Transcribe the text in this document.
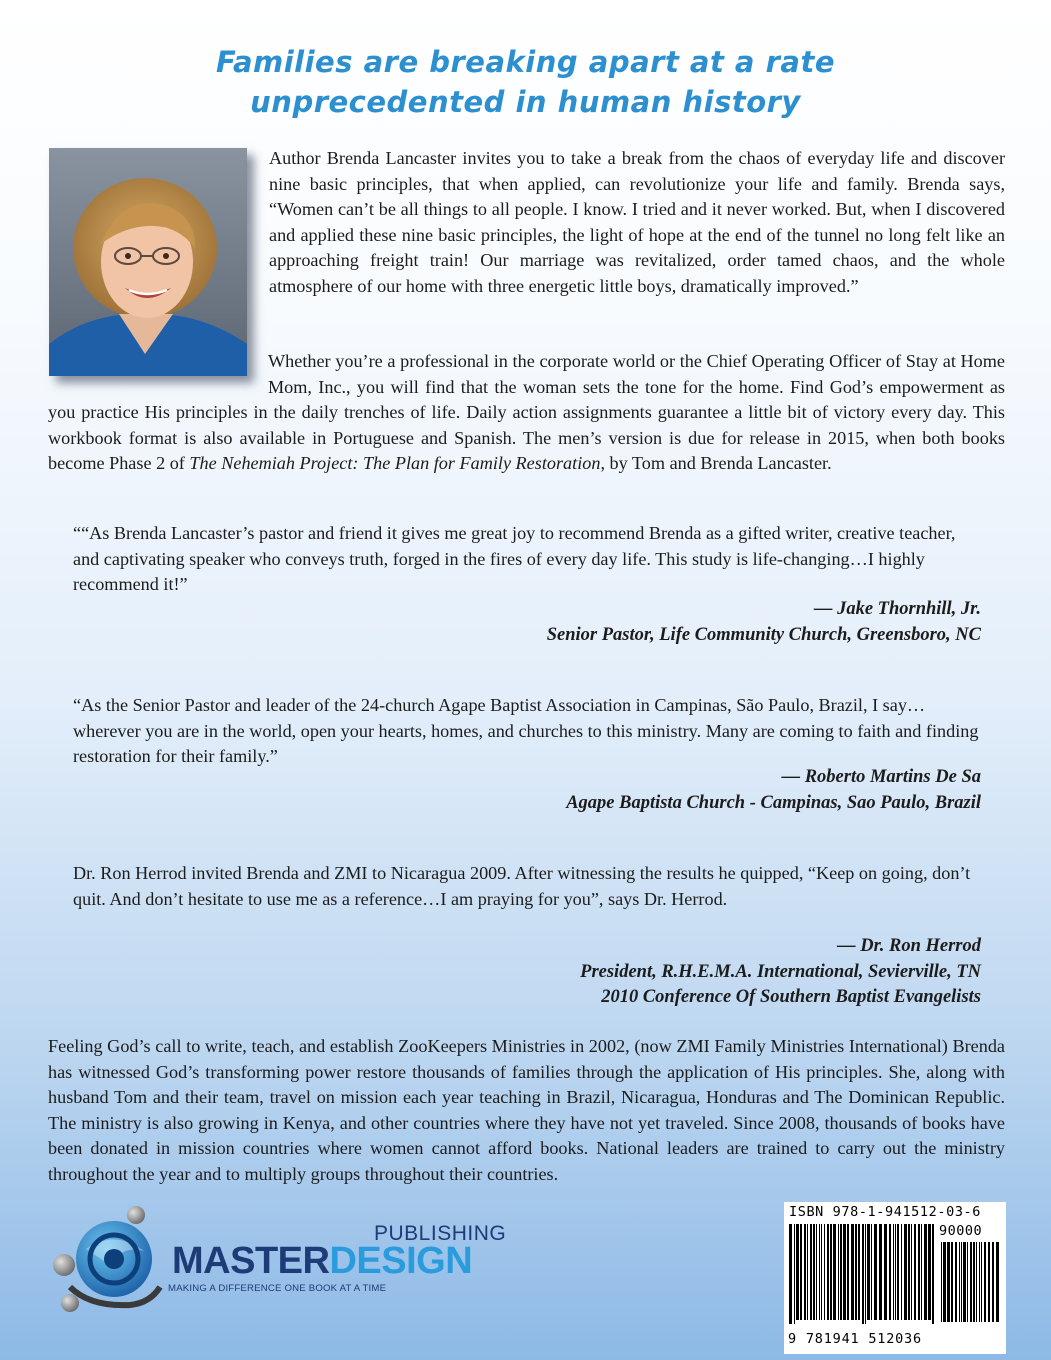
Families are breaking apart at a rate
unprecedented in human history

Author Brenda Lancaster invites you to take a break from the chaos of everyday life and discover nine basic principles, that when applied, can revolutionize your life and family. Brenda says, “Women can’t be all things to all people. I know. I tried and it never worked. But, when I discovered and applied these nine basic principles, the light of hope at the end of the tunnel no long felt like an approaching freight train! Our marriage was revitalized, order tamed chaos, and the whole atmosphere of our home with three energetic little boys, dramatically improved.”

Whether you’re a professional in the corporate world or the Chief Operating Officer of Stay at Home Mom, Inc., you will find that the woman sets the tone for the home. Find God’s empowerment as you practice His principles in the daily trenches of life. Daily action assignments guarantee a little bit of victory every day. This workbook format is also available in Portuguese and Spanish. The men’s version is due for release in 2015, when both books become Phase 2 of The Nehemiah Project: The Plan for Family Restoration, by Tom and Brenda Lancaster.

““As Brenda Lancaster’s pastor and friend it gives me great joy to recommend Brenda as a gifted writer, creative teacher, and captivating speaker who conveys truth, forged in the fires of every day life. This study is life-changing…I highly recommend it!”

— Jake Thornhill, Jr.
Senior Pastor, Life Community Church, Greensboro, NC

“As the Senior Pastor and leader of the 24-church Agape Baptist Association in Campinas, São Paulo, Brazil, I say…wherever you are in the world, open your hearts, homes, and churches to this ministry. Many are coming to faith and finding restoration for their family.”

— Roberto Martins De Sa
Agape Baptista Church - Campinas, Sao Paulo, Brazil

Dr. Ron Herrod invited Brenda and ZMI to Nicaragua 2009. After witnessing the results he quipped, “Keep on going, don’t quit. And don’t hesitate to use me as a reference…I am praying for you”, says Dr. Herrod.

— Dr. Ron Herrod
President, R.H.E.M.A. International, Sevierville, TN
2010 Conference Of Southern Baptist Evangelists

Feeling God’s call to write, teach, and establish ZooKeepers Ministries in 2002, (now ZMI Family Ministries International) Brenda has witnessed God’s transforming power restore thousands of families through the application of His principles. She, along with husband Tom and their team, travel on mission each year teaching in Brazil, Nicaragua, Honduras and The Dominican Republic. The ministry is also growing in Kenya, and other countries where they have not yet traveled. Since 2008, thousands of books have been donated in mission countries where women cannot afford books. National leaders are trained to carry out the ministry throughout the year and to multiply groups throughout their countries.

PUBLISHING
MASTERDESIGN
MAKING A DIFFERENCE ONE BOOK AT A TIME
ISBN 978-1-941512-03-6
90000
9 781941 512036
